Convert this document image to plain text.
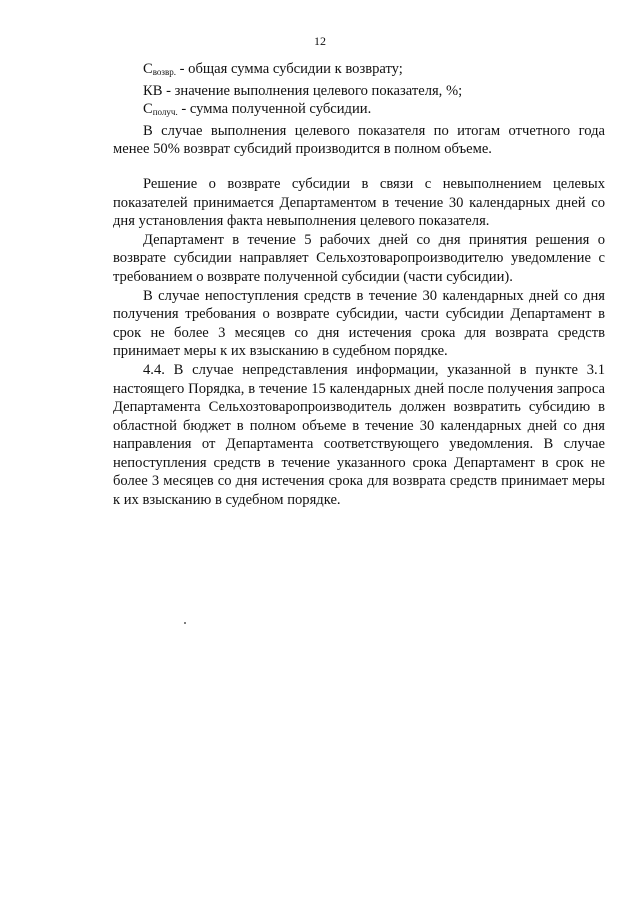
12

$С_{возвр.}$ - общая сумма субсидии к возврату;

КВ - значение выполнения целевого показателя, %;

$С_{получ.}$ - сумма полученной субсидии.

В случае выполнения целевого показателя по итогам отчетного года менее 50% возврат субсидий производится в полном объеме.

Решение о возврате субсидии в связи с невыполнением целевых показателей принимается Департаментом в течение 30 календарных дней со дня установления факта невыполнения целевого показателя.

Департамент в течение 5 рабочих дней со дня принятия решения о возврате субсидии направляет Сельхозтоваропроизводителю уведомление с требованием о возврате полученной субсидии (части субсидии).

В случае непоступления средств в течение 30 календарных дней со дня получения требования о возврате субсидии, части субсидии Департамент в срок не более 3 месяцев со дня истечения срока для возврата средств принимает меры к их взысканию в судебном порядке.

4.4. В случае непредставления информации, указанной в пункте 3.1 настоящего Порядка, в течение 15 календарных дней после получения запроса Департамента Сельхозтоваропроизводитель должен возвратить субсидию в областной бюджет в полном объеме в течение 30 календарных дней со дня направления от Департамента соответствующего уведомления. В случае непоступления средств в течение указанного срока Департамент в срок не более 3 месяцев со дня истечения срока для возврата средств принимает меры к их взысканию в судебном порядке.
